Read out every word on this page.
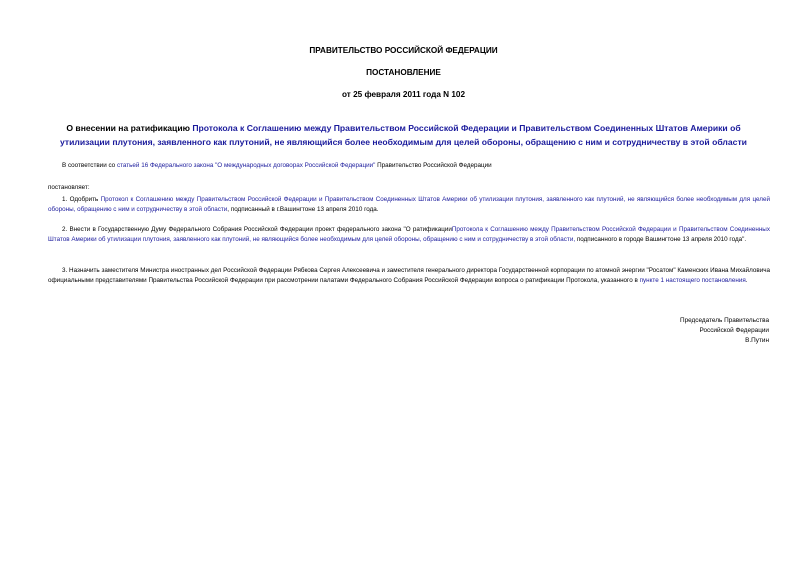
ПРАВИТЕЛЬСТВО РОССИЙСКОЙ ФЕДЕРАЦИИ
ПОСТАНОВЛЕНИЕ
от 25 февраля 2011 года N 102
О внесении на ратификацию Протокола к Соглашению между Правительством Российской Федерации и Правительством Соединенных Штатов Америки об утилизации плутония, заявленного как плутоний, не являющийся более необходимым для целей обороны, обращению с ним и сотрудничеству в этой области
В соответствии со статьей 16 Федерального закона "О международных договорах Российской Федерации" Правительство Российской Федерации
постановляет:
1. Одобрить Протокол к Соглашению между Правительством Российской Федерации и Правительством Соединенных Штатов Америки об утилизации плутония, заявленного как плутоний, не являющийся более необходимым для целей обороны, обращению с ним и сотрудничеству в этой области, подписанный в г.Вашингтоне 13 апреля 2010 года.
2. Внести в Государственную Думу Федерального Собрания Российской Федерации проект федерального закона "О ратификацииПротокола к Соглашению между Правительством Российской Федерации и Правительством Соединенных Штатов Америки об утилизации плутония, заявленного как плутоний, не являющийся более необходимым для целей обороны, обращению с ним и сотрудничеству в этой области, подписанного в городе Вашингтоне 13 апреля 2010 года".
3. Назначить заместителя Министра иностранных дел Российской Федерации Рябкова Сергея Алексеевича и заместителя генерального директора Государственной корпорации по атомной энергии "Росатом" Каменских Ивана Михайловича официальными представителями Правительства Российской Федерации при рассмотрении палатами Федерального Собрания Российской Федерации вопроса о ратификации Протокола, указанного в пункте 1 настоящего постановления.
Председатель Правительства
Российской Федерации
В.Путин
